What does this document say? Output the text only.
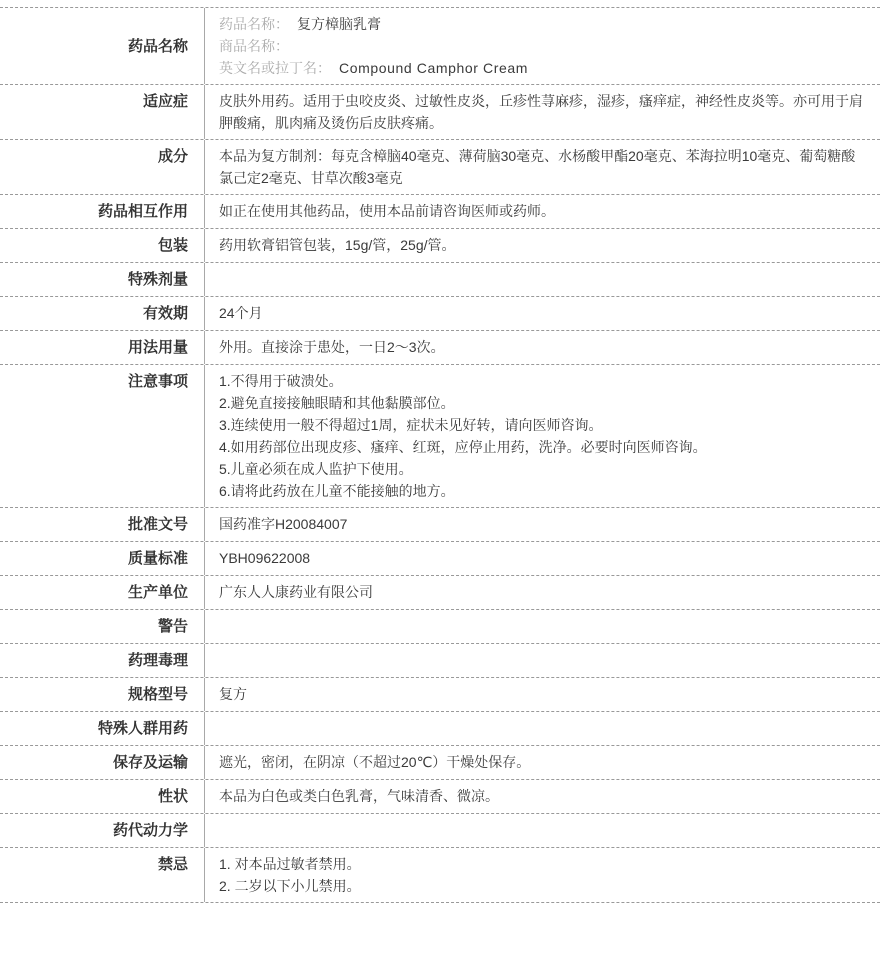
药品名称
药品名称： 复方樟脑乳膏
商品名称：
英文名或拉丁名： Compound Camphor Cream
适应症	皮肤外用药。适用于虫咬皮炎、过敏性皮炎，丘疹性荨麻疹，湿疹，瘙痒症，神经性皮炎等。亦可用于肩胛酸痛，肌肉痛及烫伤后皮肤疼痛。
成分	本品为复方制剂：每克含樟脑40毫克、薄荷脑30毫克、水杨酸甲酯20毫克、苯海拉明10毫克、葡萄糖酸氯己定2毫克、甘草次酸3毫克
药品相互作用	如正在使用其他药品，使用本品前请咨询医师或药师。
包装	药用软膏铝管包装，15g/管，25g/管。
特殊剂量
有效期	24个月
用法用量	外用。直接涂于患处，一日2～3次。
注意事项	1.不得用于破溃处。
2.避免直接接触眼睛和其他黏膜部位。
3.连续使用一般不得超过1周，症状未见好转，请向医师咨询。
4.如用药部位出现皮疹、瘙痒、红斑，应停止用药，洗净。必要时向医师咨询。
5.儿童必须在成人监护下使用。
6.请将此药放在儿童不能接触的地方。
批准文号	国药准字H20084007
质量标准	YBH09622008
生产单位	广东人人康药业有限公司
警告
药理毒理
规格型号	复方
特殊人群用药
保存及运输	遮光，密闭，在阴凉（不超过20℃）干燥处保存。
性状	本品为白色或类白色乳膏，气味清香、微凉。
药代动力学
禁忌	1. 对本品过敏者禁用。
2. 二岁以下小儿禁用。
